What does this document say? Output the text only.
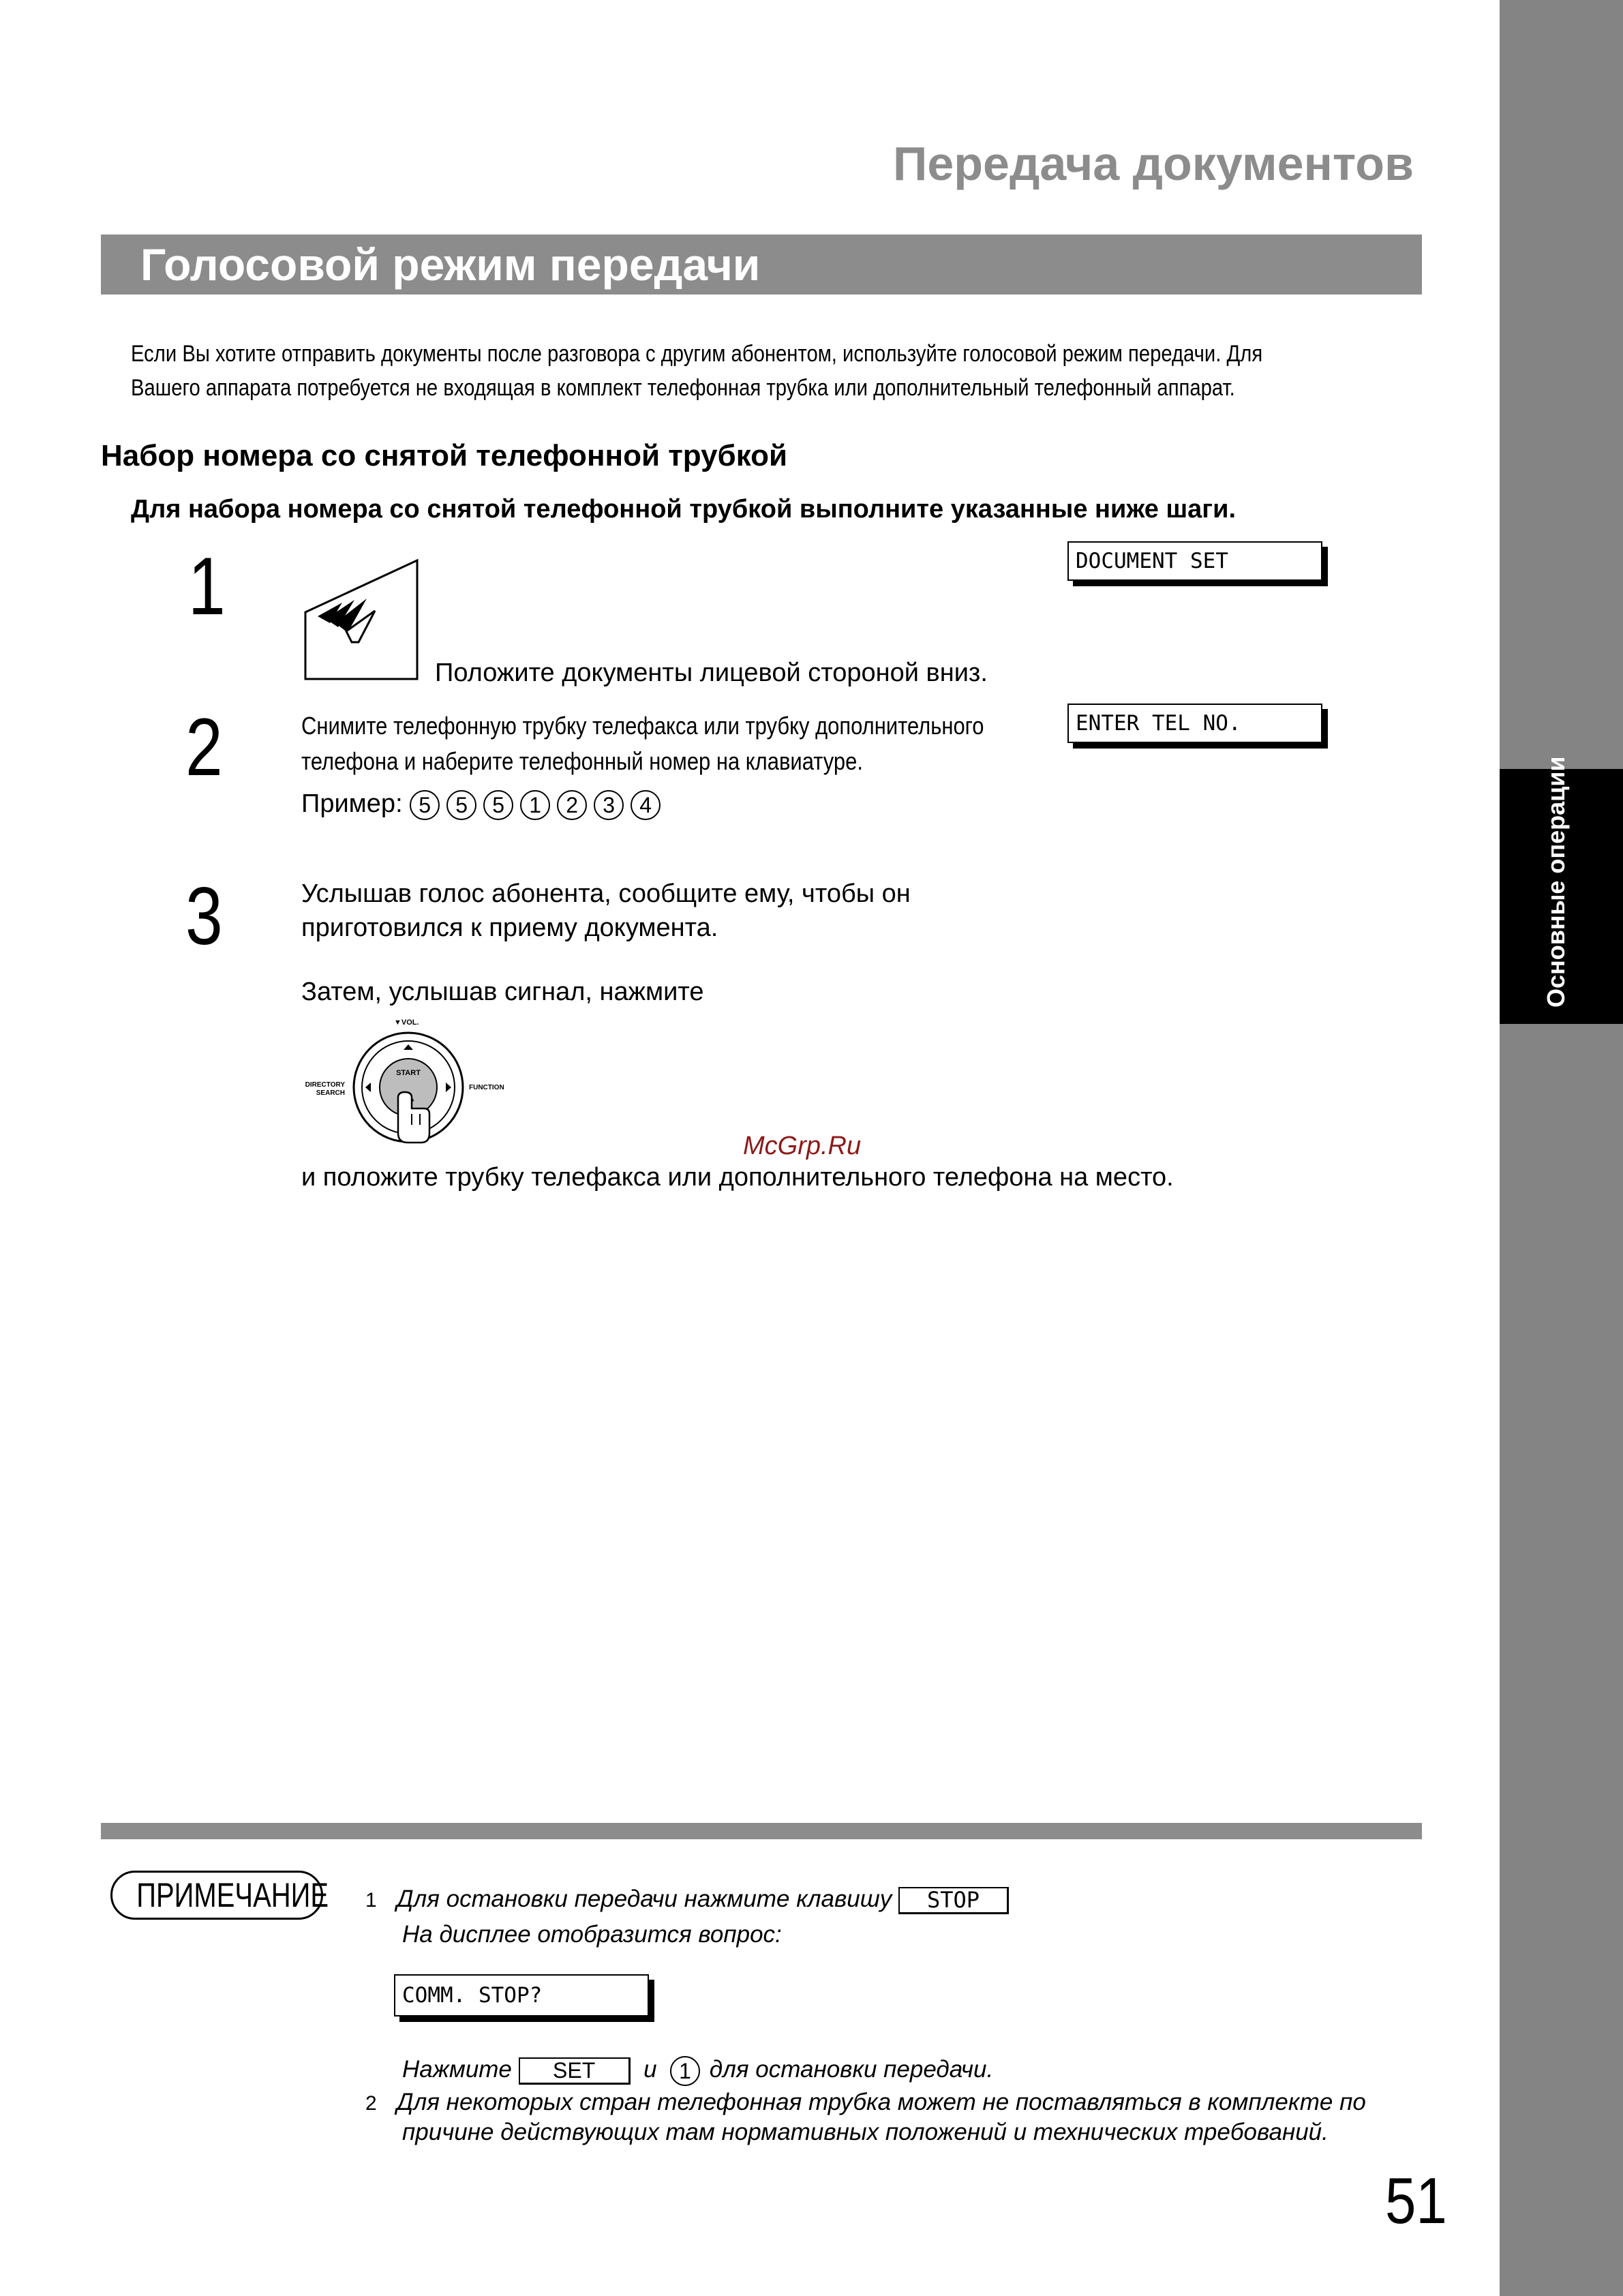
Основные операции
Передача документов
Голосовой режим передачи

Если Вы хотите отправить документы после разговора с другим абонентом, используйте голосовой режим передачи. Для

Вашего аппарата потребуется не входящая в комплект телефонная трубка или дополнительный телефонный аппарат.

Набор номера со снятой телефонной трубкой
Для набора номера со снятой телефонной трубкой выполните указанные ниже шаги.
1
Положите документы лицевой стороной вниз.
DOCUMENT SET
2	Снимите телефонную трубку телефакса или трубку дополнительного
телефона и наберите телефонный номер на клавиатуре.
Пример: 5 5 5 1 2 3 4
ENTER TEL NO.
3	Услышав голос абонента, сообщите ему, чтобы он
приготовился к приему документа.
Затем, услышав сигнал, нажмите
▼VOL.
DIRECTORY SEARCH
START
FUNCTION
McGrp.Ru
и положите трубку телефакса или дополнительного телефона на место.
ПРИМЕЧАНИЕ 1 Для остановки передачи нажмите клавишу STOP
На дисплее отобразится вопрос:
COMM. STOP?
Нажмите SET и 1 для остановки передачи.
2 Для некоторых стран телефонная трубка может не поставляться в комплекте по
причине действующих там нормативных положений и технических требований.
51
